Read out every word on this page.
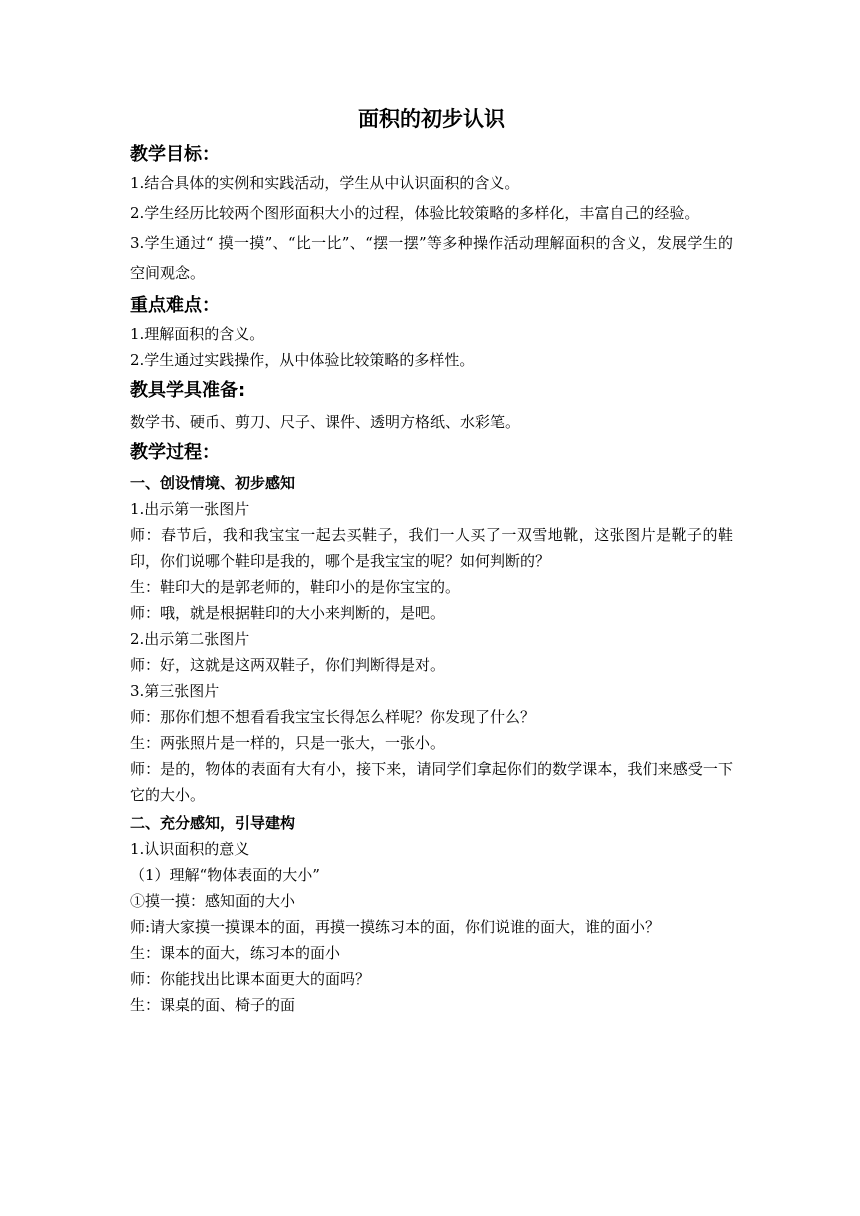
面积的初步认识
教学目标：

1.结合具体的实例和实践活动，学生从中认识面积的含义。

2.学生经历比较两个图形面积大小的过程，体验比较策略的多样化，丰富自己的经验。

3.学生通过“ 摸一摸”、“比一比”、“摆一摆”等多种操作活动理解面积的含义，发展学生的空间观念。

重点难点：

1.理解面积的含义。

2.学生通过实践操作，从中体验比较策略的多样性。

教具学具准备:

数学书、硬币、剪刀、尺子、课件、透明方格纸、水彩笔。

教学过程：

一、创设情境、初步感知

1.出示第一张图片

师：春节后，我和我宝宝一起去买鞋子，我们一人买了一双雪地靴，这张图片是靴子的鞋印，你们说哪个鞋印是我的，哪个是我宝宝的呢？如何判断的？

生：鞋印大的是郭老师的，鞋印小的是你宝宝的。

师：哦，就是根据鞋印的大小来判断的，是吧。

2.出示第二张图片

师：好，这就是这两双鞋子，你们判断得是对。

3.第三张图片

师：那你们想不想看看我宝宝长得怎么样呢？你发现了什么？

生：两张照片是一样的，只是一张大，一张小。

师：是的，物体的表面有大有小，接下来，请同学们拿起你们的数学课本，我们来感受一下它的大小。

二、充分感知，引导建构

1.认识面积的意义

（1）理解“物体表面的大小”

①摸一摸：感知面的大小

师:请大家摸一摸课本的面，再摸一摸练习本的面，你们说谁的面大，谁的面小？

生：课本的面大，练习本的面小

师：你能找出比课本面更大的面吗？

生：课桌的面、椅子的面
